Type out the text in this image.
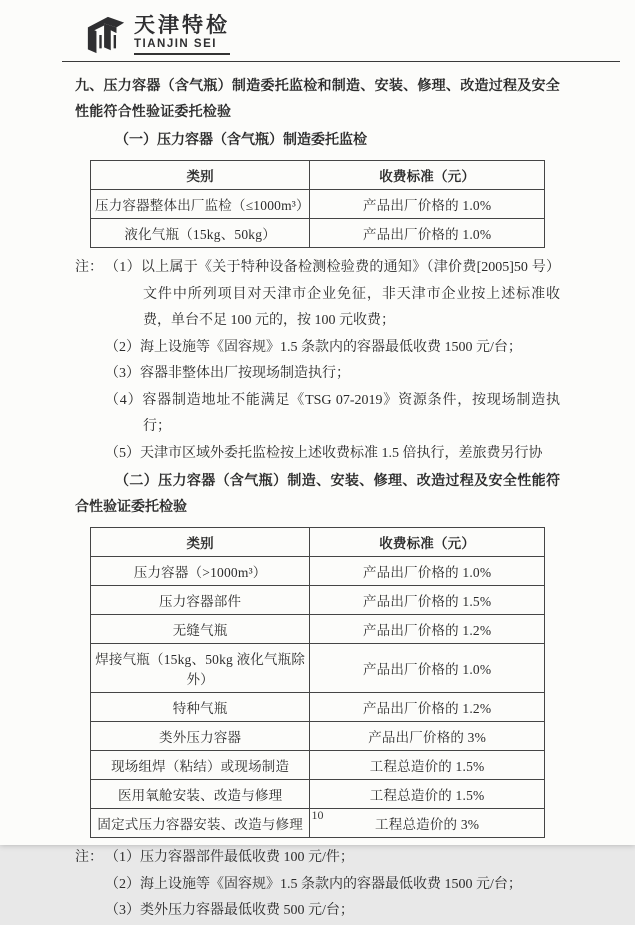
天津特检
TIANJIN SEI
九、压力容器（含气瓶）制造委托监检和制造、安装、修理、改造过程及安全性能符合性验证委托检验
（一）压力容器（含气瓶）制造委托监检
类别	收费标准（元）
压力容器整体出厂监检（≤1000m³）	产品出厂价格的 1.0%
液化气瓶（15kg、50kg）	产品出厂价格的 1.0%
注： （1）以上属于《关于特种设备检测检验费的通知》（津价费[2005]50 号）文件中所列项目对天津市企业免征，非天津市企业按上述标准收费，单台不足 100 元的，按 100 元收费；
（2）海上设施等《固容规》1.5 条款内的容器最低收费 1500 元/台；
（3）容器非整体出厂按现场制造执行；
（4）容器制造地址不能满足《TSG 07-2019》资源条件，按现场制造执行；
（5）天津市区域外委托监检按上述收费标准 1.5 倍执行，差旅费另行协
（二）压力容器（含气瓶）制造、安装、修理、改造过程及安全性能符合性验证委托检验
类别	收费标准（元）
压力容器（>1000m³）	产品出厂价格的 1.0%
压力容器部件	产品出厂价格的 1.5%
无缝气瓶	产品出厂价格的 1.2%
焊接气瓶（15kg、50kg 液化气瓶除外）	产品出厂价格的 1.0%
特种气瓶	产品出厂价格的 1.2%
类外压力容器	产品出厂价格的 3%
现场组焊（粘结）或现场制造	工程总造价的 1.5%
医用氧舱安装、改造与修理	工程总造价的 1.5%
固定式压力容器安装、改造与修理	工程总造价的 3%
注： （1）压力容器部件最低收费 100 元/件；
（2）海上设施等《固容规》1.5 条款内的容器最低收费 1500 元/台；
（3）类外压力容器最低收费 500 元/台；
10
